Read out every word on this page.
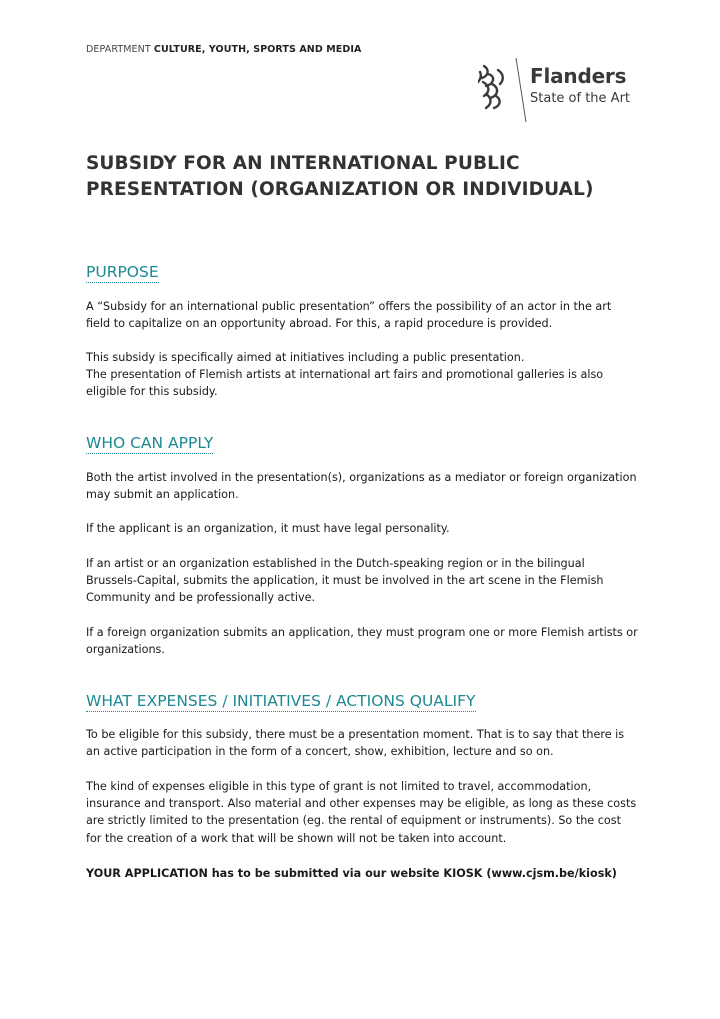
DEPARTMENT CULTURE, YOUTH, SPORTS AND MEDIA
Flanders
State of the Art
SUBSIDY FOR AN INTERNATIONAL PUBLIC
PRESENTATION (ORGANIZATION OR INDIVIDUAL)
PURPOSE

A “Subsidy for an international public presentation” offers the possibility of an actor in the art field to capitalize on an opportunity abroad. For this, a rapid procedure is provided.

This subsidy is specifically aimed at initiatives including a public presentation.

The presentation of Flemish artists at international art fairs and promotional galleries is also eligible for this subsidy.

WHO CAN APPLY

Both the artist involved in the presentation(s), organizations as a mediator or foreign organization may submit an application.

If the applicant is an organization, it must have legal personality.

If an artist or an organization established in the Dutch-speaking region or in the bilingual Brussels-Capital, submits the application, it must be involved in the art scene in the Flemish Community and be professionally active.

If a foreign organization submits an application, they must program one or more Flemish artists or organizations.

WHAT EXPENSES / INITIATIVES / ACTIONS QUALIFY

To be eligible for this subsidy, there must be a presentation moment. That is to say that there is an active participation in the form of a concert, show, exhibition, lecture and so on.

The kind of expenses eligible in this type of grant is not limited to travel, accommodation, insurance and transport. Also material and other expenses may be eligible, as long as these costs are strictly limited to the presentation (eg. the rental of equipment or instruments). So the cost for the creation of a work that will be shown will not be taken into account.

YOUR APPLICATION has to be submitted via our website KIOSK (www.cjsm.be/kiosk)
